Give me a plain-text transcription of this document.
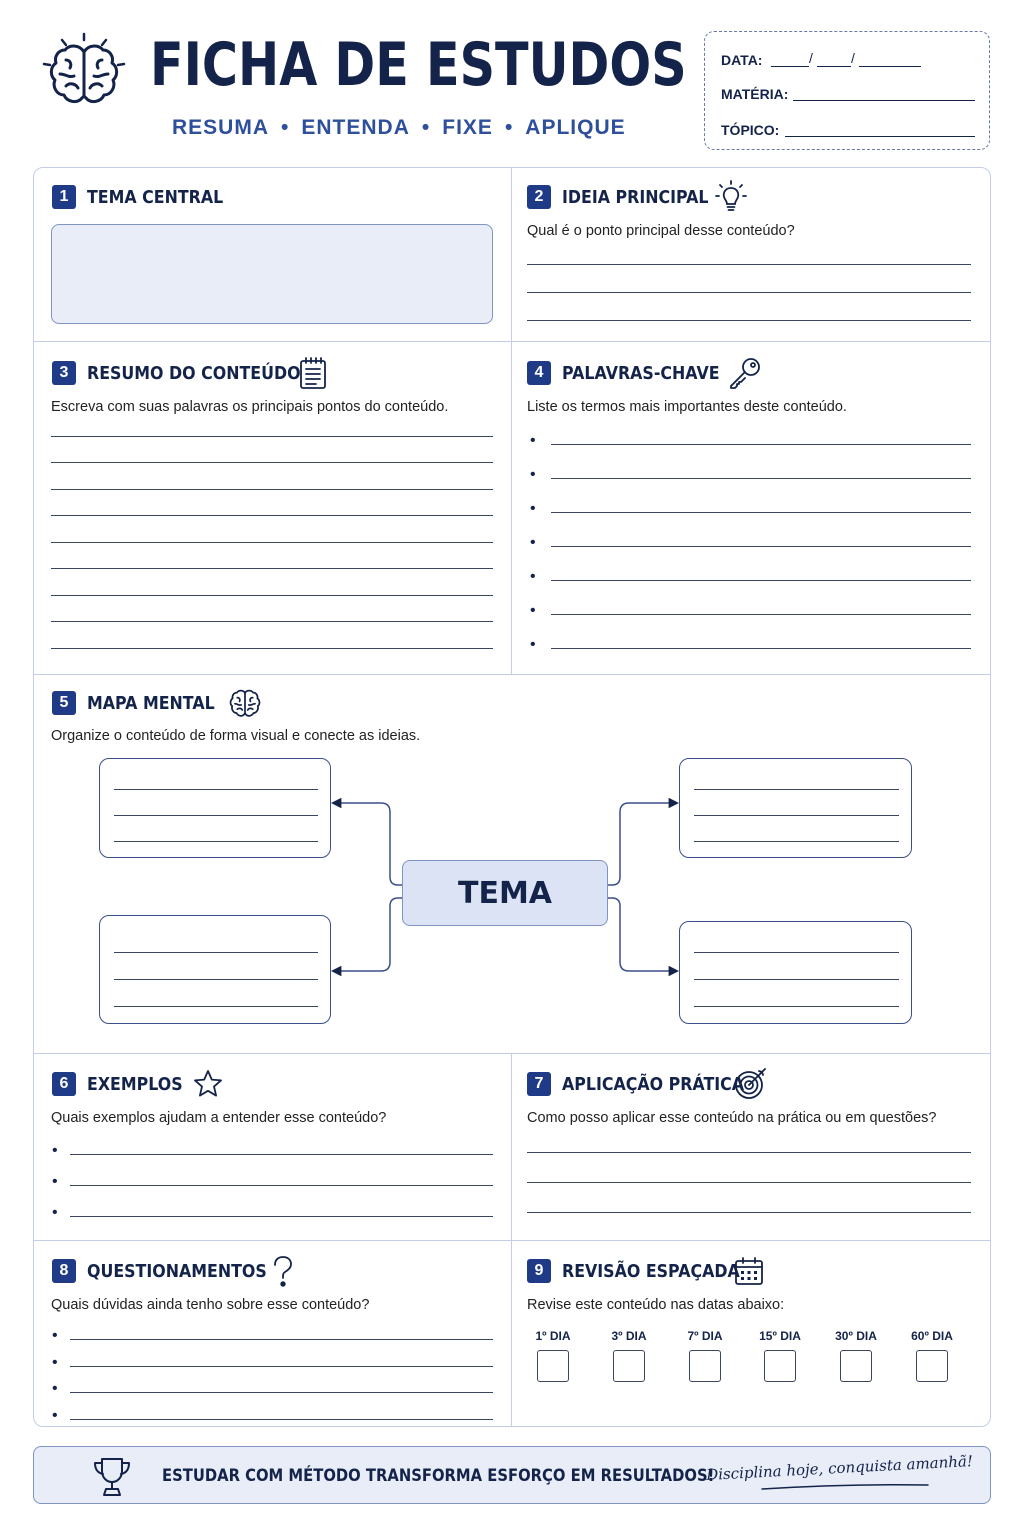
FICHA DE ESTUDOS
RESUMA • ENTENDA • FIXE • APLIQUE
DATA:	/	/
MATÉRIA:
TÓPICO:
1	TEMA CENTRAL	2	IDEIA PRINCIPAL
Qual é o ponto principal desse conteúdo?
3	RESUMO DO CONTEÚDO
Escreva com suas palavras os principais pontos do conteúdo.
4	PALAVRAS-CHAVE
Liste os termos mais importantes deste conteúdo.
•
•
•
•
•
•
•
5	MAPA MENTAL
Organize o conteúdo de forma visual e conecte as ideias.
TEMA
6	EXEMPLOS
Quais exemplos ajudam a entender esse conteúdo?
•
•
•
7	APLICAÇÃO PRÁTICA
Como posso aplicar esse conteúdo na prática ou em questões?
8	QUESTIONAMENTOS
Quais dúvidas ainda tenho sobre esse conteúdo?
•
•
•
•
9	REVISÃO ESPAÇADA
Revise este conteúdo nas datas abaixo:
1º DIA	3º DIA	7º DIA	15º DIA	30º DIA	60º DIA
ESTUDAR COM MÉTODO TRANSFORMA ESFORÇO EM RESULTADOS!
Disciplina hoje, conquista amanhã!
